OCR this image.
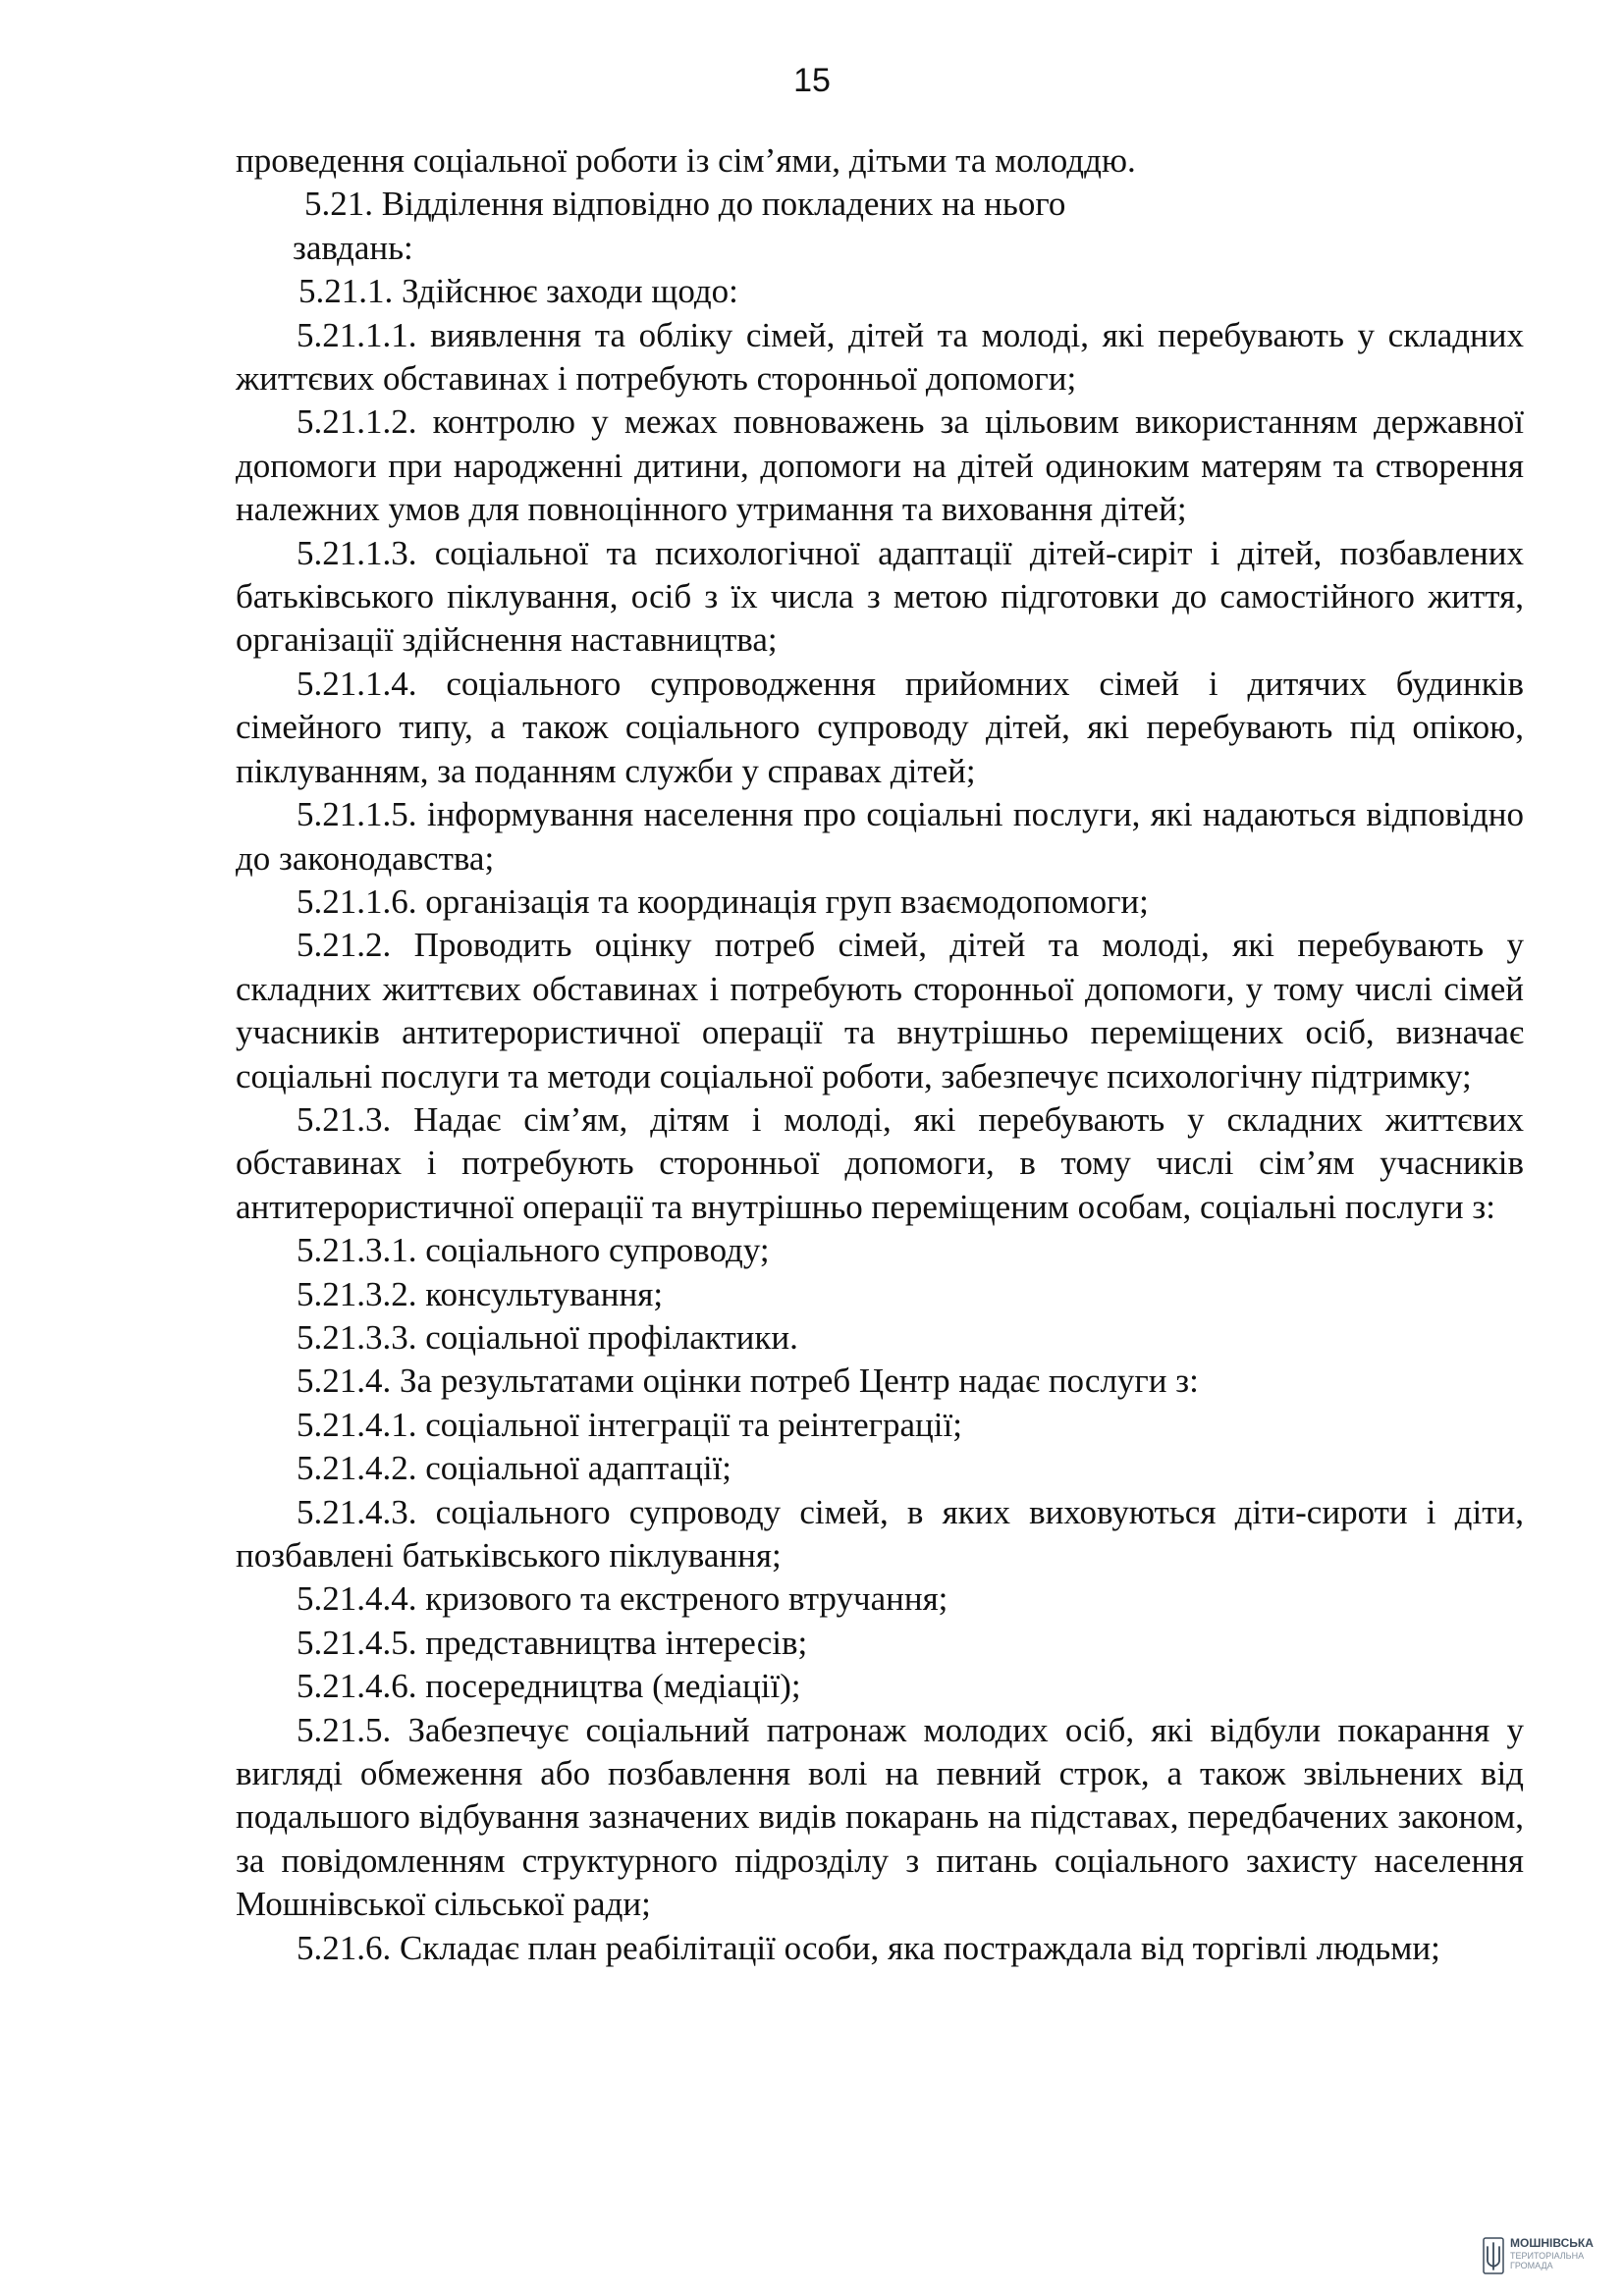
15

проведення соціальної роботи із сім’ями, дітьми та молоддю.

5.21. Відділення відповідно до покладених на нього

завдань:

5.21.1. Здійснює заходи щодо:

5.21.1.1. виявлення та обліку сімей, дітей та молоді, які перебувають у складних життєвих обставинах і потребують сторонньої допомоги;

5.21.1.2. контролю у межах повноважень за цільовим використанням державної допомоги при народженні дитини, допомоги на дітей одиноким матерям та створення належних умов для повноцінного утримання та виховання дітей;

5.21.1.3. соціальної та психологічної адаптації дітей-сиріт і дітей, позбавлених батьківського піклування, осіб з їх числа з метою підготовки до самостійного життя, організації здійснення наставництва;

5.21.1.4. соціального супроводження прийомних сімей і дитячих будинків сімейного типу, а також соціального супроводу дітей, які перебувають під опікою, піклуванням, за поданням служби у справах дітей;

5.21.1.5. інформування населення про соціальні послуги, які надаються відповідно до законодавства;

5.21.1.6. організація та координація груп взаємодопомоги;

5.21.2. Проводить оцінку потреб сімей, дітей та молоді, які перебувають у складних життєвих обставинах і потребують сторонньої допомоги, у тому числі сімей учасників антитерористичної операції та внутрішньо переміщених осіб, визначає соціальні послуги та методи соціальної роботи, забезпечує психологічну підтримку;

5.21.3. Надає сім’ям, дітям і молоді, які перебувають у складних життєвих обставинах і потребують сторонньої допомоги, в тому числі сім’ям учасників антитерористичної операції та внутрішньо переміщеним особам, соціальні послуги з:

5.21.3.1. соціального супроводу;

5.21.3.2. консультування;

5.21.3.3. соціальної профілактики.

5.21.4. За результатами оцінки потреб Центр надає послуги з:

5.21.4.1. соціальної інтеграції та реінтеграції;

5.21.4.2. соціальної адаптації;

5.21.4.3. соціального супроводу сімей, в яких виховуються діти-сироти і діти, позбавлені батьківського піклування;

5.21.4.4. кризового та екстреного втручання;

5.21.4.5. представництва інтересів;

5.21.4.6. посередництва (медіації);

5.21.5. Забезпечує соціальний патронаж молодих осіб, які відбули покарання у вигляді обмеження або позбавлення волі на певний строк, а також звільнених від подальшого відбування зазначених видів покарань на підставах, передбачених законом, за повідомленням структурного підрозділу з питань соціального захисту населення Мошнівської сільської ради;

5.21.6. Складає план реабілітації особи, яка постраждала від торгівлі людьми;

МОШНІВСЬКА
ТЕРИТОРІАЛЬНА
ГРОМАДА
